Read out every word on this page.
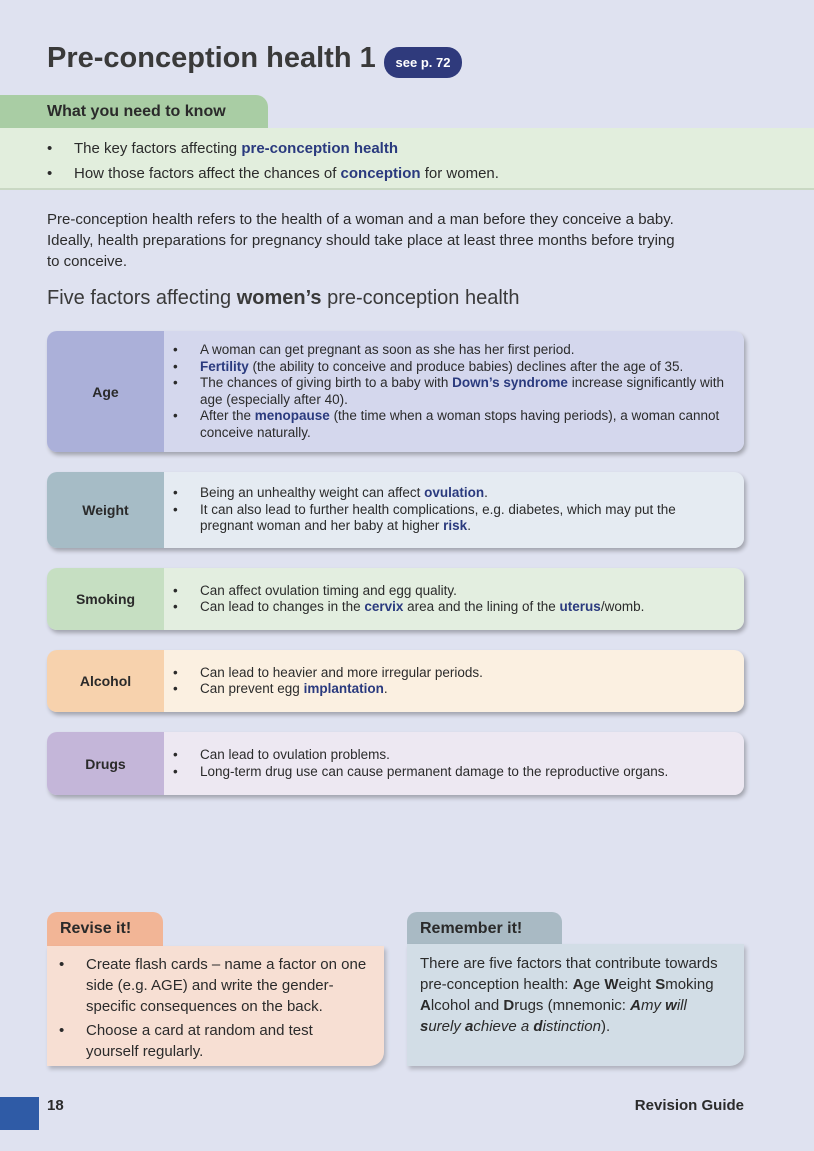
Pre-conception health 1	see p. 72
What you need to know
• The key factors affecting pre-conception health
• How those factors affect the chances of conception for women.

Pre-conception health refers to the health of a woman and a man before they conceive a baby. Ideally, health preparations for pregnancy should take place at least three months before trying to conceive.

Five factors affecting women’s pre-conception health
Age
• A woman can get pregnant as soon as she has her first period.
• Fertility (the ability to conceive and produce babies) declines after the age of 35.
• The chances of giving birth to a baby with Down’s syndrome increase significantly with age (especially after 40).
• After the menopause (the time when a woman stops having periods), a woman cannot conceive naturally.
Weight
• Being an unhealthy weight can affect ovulation.
• It can also lead to further health complications, e.g. diabetes, which may put the pregnant woman and her baby at higher risk.
Smoking
• Can affect ovulation timing and egg quality.
• Can lead to changes in the cervix area and the lining of the uterus/womb.
Alcohol
• Can lead to heavier and more irregular periods.
• Can prevent egg implantation.
Drugs
• Can lead to ovulation problems.
• Long-term drug use can cause permanent damage to the reproductive organs.
Revise it!
• Create flash cards – name a factor on one side (e.g. AGE) and write the gender-specific consequences on the back.
• Choose a card at random and test yourself regularly.
Remember it!
There are five factors that contribute towards pre-conception health: Age Weight Smoking Alcohol and Drugs (mnemonic: Amy will surely achieve a distinction).
18	Revision Guide
